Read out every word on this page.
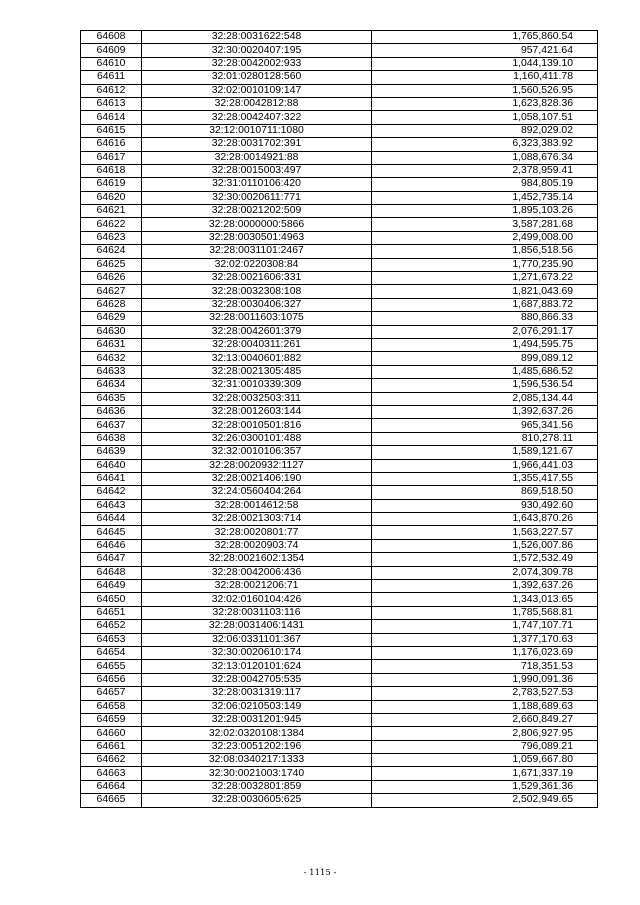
64608	32:28:0031622:548	1,765,860.54
64609	32:30:0020407:195	957,421.64
64610	32:28:0042002:933	1,044,139.10
64611	32:01:0280128:560	1,160,411.78
64612	32:02:0010109:147	1,560,526.95
64613	32:28:0042812:88	1,623,828.36
64614	32:28:0042407:322	1,058,107.51
64615	32:12:0010711:1080	892,029.02
64616	32:28:0031702:391	6,323,383.92
64617	32:28:0014921:88	1,088,676.34
64618	32:28:0015003:497	2,378,959.41
64619	32:31:0110106:420	984,805.19
64620	32:30:0020611:771	1,452,735.14
64621	32:28:0021202:509	1,895,103.26
64622	32:28:0000000:5866	3,587,281.68
64623	32:28:0030501:4963	2,499,008.00
64624	32:28:0031101:2467	1,856,518.56
64625	32:02:0220308:84	1,770,235.90
64626	32:28:0021606:331	1,271,673.22
64627	32:28:0032308:108	1,821,043.69
64628	32:28:0030406:327	1,687,883.72
64629	32:28:0011603:1075	880,866.33
64630	32:28:0042601:379	2,076,291.17
64631	32:28:0040311:261	1,494,595.75
64632	32:13:0040601:882	899,089.12
64633	32:28:0021305:485	1,485,686.52
64634	32:31:0010339:309	1,596,536.54
64635	32:28:0032503:311	2,085,134.44
64636	32:28:0012603:144	1,392,637.26
64637	32:28:0010501:816	965,341.56
64638	32:26:0300101:488	810,278.11
64639	32:32:0010106:357	1,589,121.67
64640	32:28:0020932:1127	1,966,441.03
64641	32:28:0021406:190	1,355,417.55
64642	32:24:0560404:264	869,518.50
64643	32:28:0014612:58	930,492.60
64644	32:28:0021303:714	1,643,870.26
64645	32:28:0020801:77	1,563,227.57
64646	32:28:0020903:74	1,526,007.86
64647	32:28:0021602:1354	1,572,532.49
64648	32:28:0042006:436	2,074,309.78
64649	32:28:0021206:71	1,392,637.26
64650	32:02:0160104:426	1,343,013.65
64651	32:28:0031103:116	1,785,568.81
64652	32:28:0031406:1431	1,747,107.71
64653	32:06:0331101:367	1,377,170.63
64654	32:30:0020610:174	1,176,023.69
64655	32:13:0120101:624	718,351.53
64656	32:28:0042705:535	1,990,091.36
64657	32:28:0031319:117	2,783,527.53
64658	32:06:0210503:149	1,188,689.63
64659	32:28:0031201:945	2,660,849.27
64660	32:02:0320108:1384	2,806,927.95
64661	32:23:0051202:196	796,089.21
64662	32:08:0340217:1333	1,059,667.80
64663	32:30:0021003:1740	1,671,337.19
64664	32:28:0032801:859	1,529,361.36
64665	32:28:0030605:625	2,502,949.65
- 1115 -
